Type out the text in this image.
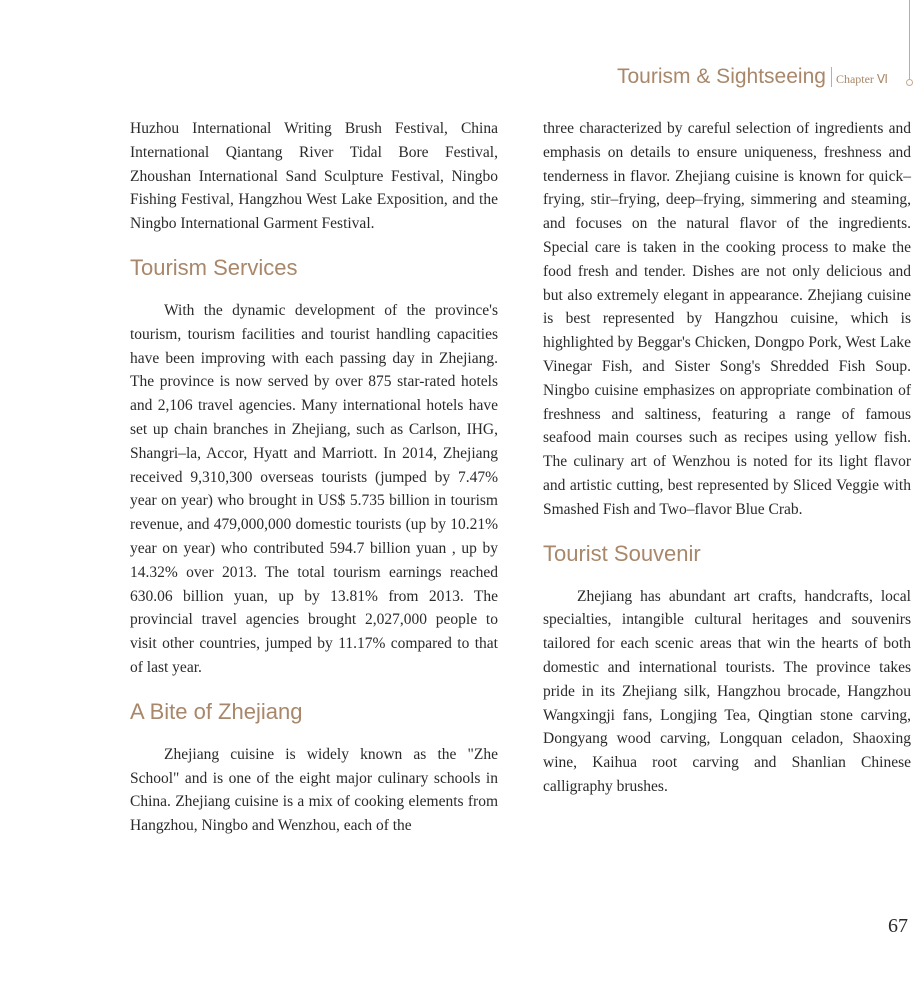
Tourism & Sightseeing Chapter Ⅵ

Huzhou International Writing Brush Festival, China International Qiantang River Tidal Bore Festival, Zhoushan International Sand Sculpture Festival, Ningbo Fishing Festival, Hangzhou West Lake Exposition, and the Ningbo International Garment Festival.

Tourism Services

With the dynamic development of the province's tourism, tourism facilities and tourist handling capacities have been improving with each passing day in Zhejiang. The province is now served by over 875 star-rated hotels and 2,106 travel agencies. Many international hotels have set up chain branches in Zhejiang, such as Carlson, IHG, Shangri–la, Accor, Hyatt and Marriott. In 2014, Zhejiang received 9,310,300 overseas tourists (jumped by 7.47% year on year) who brought in US$ 5.735 billion in tourism revenue, and 479,000,000 domestic tourists (up by 10.21% year on year) who contributed 594.7 billion yuan , up by 14.32% over 2013. The total tourism earnings reached 630.06 billion yuan, up by 13.81% from 2013. The provincial travel agencies brought 2,027,000 people to visit other countries, jumped by 11.17% compared to that of last year.

A Bite of Zhejiang

Zhejiang cuisine is widely known as the "Zhe School" and is one of the eight major culinary schools in China. Zhejiang cuisine is a mix of cooking elements from Hangzhou, Ningbo and Wenzhou, each of the

three characterized by careful selection of ingredients and emphasis on details to ensure uniqueness, freshness and tenderness in flavor. Zhejiang cuisine is known for quick–frying, stir–frying, deep–frying, simmering and steaming, and focuses on the natural flavor of the ingredients. Special care is taken in the cooking process to make the food fresh and tender. Dishes are not only delicious and but also extremely elegant in appearance. Zhejiang cuisine is best represented by Hangzhou cuisine, which is highlighted by Beggar's Chicken, Dongpo Pork, West Lake Vinegar Fish, and Sister Song's Shredded Fish Soup. Ningbo cuisine emphasizes on appropriate combination of freshness and saltiness, featuring a range of famous seafood main courses such as recipes using yellow fish. The culinary art of Wenzhou is noted for its light flavor and artistic cutting, best represented by Sliced Veggie with Smashed Fish and Two–flavor Blue Crab.

Tourist Souvenir

Zhejiang has abundant art crafts, handcrafts, local specialties, intangible cultural heritages and souvenirs tailored for each scenic areas that win the hearts of both domestic and international tourists. The province takes pride in its Zhejiang silk, Hangzhou brocade, Hangzhou Wangxingji fans, Longjing Tea, Qingtian stone carving, Dongyang wood carving, Longquan celadon, Shaoxing wine, Kaihua root carving and Shanlian Chinese calligraphy brushes.

67
